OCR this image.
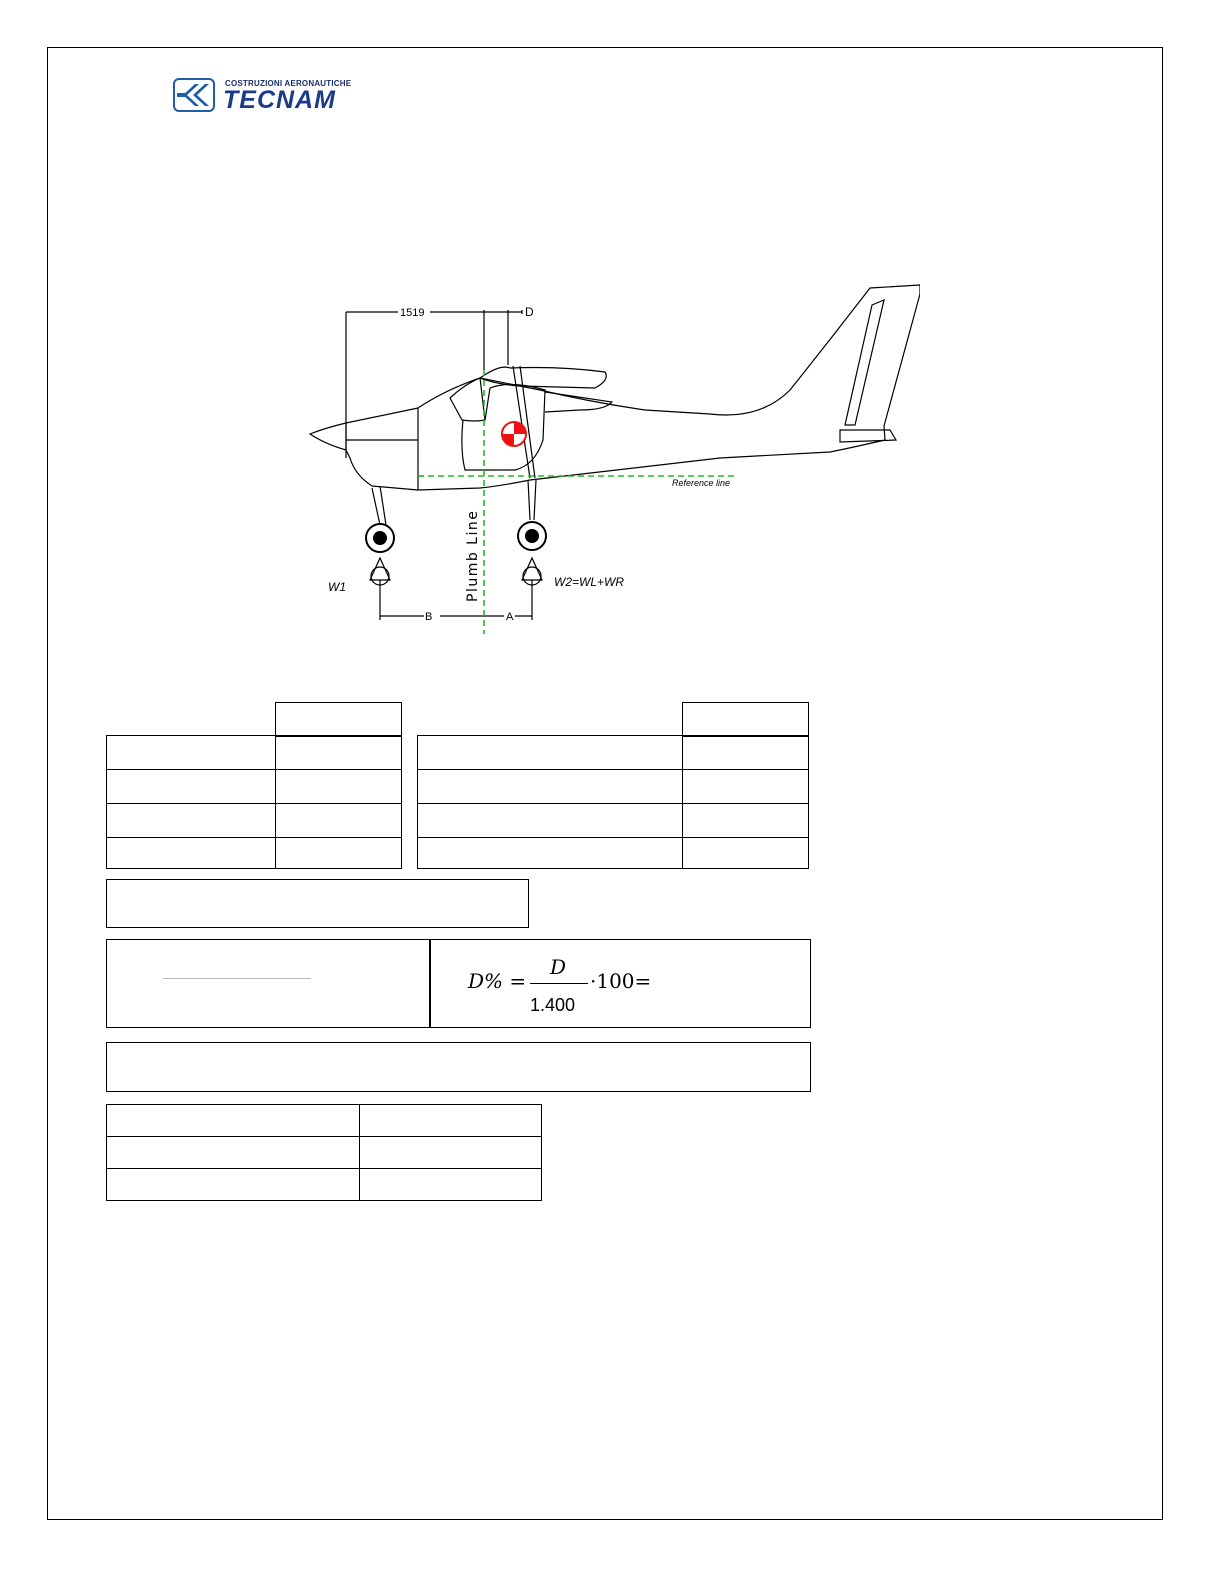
COSTRUZIONI AERONAUTICHE
TECNAM
1519	D
B	A
W1	W2=WL+WR
Reference line
Plumb Line

D% =
D
1.400
·100=
